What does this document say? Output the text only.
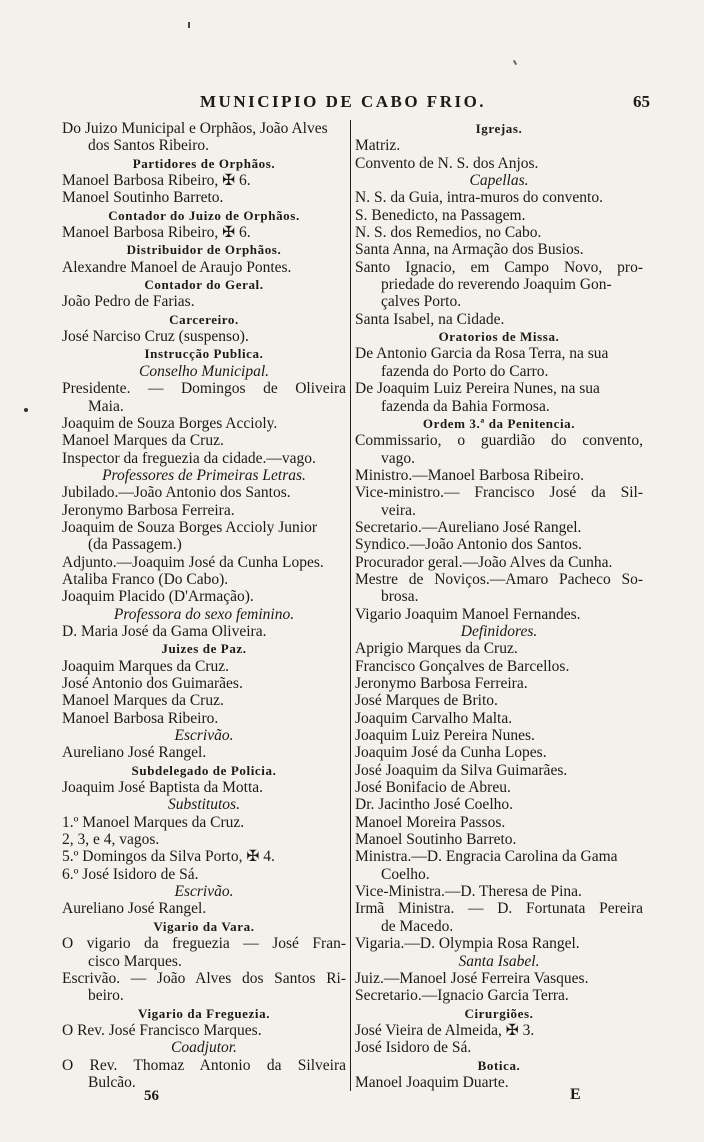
MUNICIPIO DE CABO FRIO.	65
Do Juizo Municipal e Orphãos, João Alves
dos Santos Ribeiro.
Partidores de Orphãos.
Manoel Barbosa Ribeiro, ✠ 6.
Manoel Soutinho Barreto.
Contador do Juizo de Orphãos.
Manoel Barbosa Ribeiro, ✠ 6.
Distribuidor de Orphãos.
Alexandre Manoel de Araujo Pontes.
Contador do Geral.
João Pedro de Farias.
Carcereiro.
José Narciso Cruz (suspenso).
Instrucção Publica.
Conselho Municipal.
Presidente. — Domingos de Oliveira
Maia.
Joaquim de Souza Borges Accioly.
Manoel Marques da Cruz.
Inspector da freguezia da cidade.—vago.
Professores de Primeiras Letras.
Jubilado.—João Antonio dos Santos.
Jeronymo Barbosa Ferreira.
Joaquim de Souza Borges Accioly Junior
(da Passagem.)
Adjunto.—Joaquim José da Cunha Lopes.
Ataliba Franco (Do Cabo).
Joaquim Placido (D'Armação).
Professora do sexo feminino.
D. Maria José da Gama Oliveira.
Juizes de Paz.
Joaquim Marques da Cruz.
José Antonio dos Guimarães.
Manoel Marques da Cruz.
Manoel Barbosa Ribeiro.
Escrivão.
Aureliano José Rangel.
Subdelegado de Policia.
Joaquim José Baptista da Motta.
Substitutos.
1.º Manoel Marques da Cruz.
2, 3, e 4, vagos.
5.º Domingos da Silva Porto, ✠ 4.
6.º José Isidoro de Sá.
Escrivão.
Aureliano José Rangel.
Vigario da Vara.
O vigario da freguezia — José Fran-
cisco Marques.
Escrivão. — João Alves dos Santos Ri-
beiro.
Vigario da Freguezia.
O Rev. José Francisco Marques.
Coadjutor.
O Rev. Thomaz Antonio da Silveira
Bulcão.
Igrejas.
Matriz.
Convento de N. S. dos Anjos.
Capellas.
N. S. da Guia, intra-muros do convento.
S. Benedicto, na Passagem.
N. S. dos Remedios, no Cabo.
Santa Anna, na Armação dos Busios.
Santo Ignacio, em Campo Novo, pro-
priedade do reverendo Joaquim Gon-
çalves Porto.
Santa Isabel, na Cidade.
Oratorios de Missa.
De Antonio Garcia da Rosa Terra, na sua
fazenda do Porto do Carro.
De Joaquim Luiz Pereira Nunes, na sua
fazenda da Bahia Formosa.
Ordem 3.ª da Penitencia.
Commissario, o guardião do convento,
vago.
Ministro.—Manoel Barbosa Ribeiro.
Vice-ministro.— Francisco José da Sil-
veira.
Secretario.—Aureliano José Rangel.
Syndico.—João Antonio dos Santos.
Procurador geral.—João Alves da Cunha.
Mestre de Noviços.—Amaro Pacheco So-
brosa.
Vigario Joaquim Manoel Fernandes.
Definidores.
Aprigio Marques da Cruz.
Francisco Gonçalves de Barcellos.
Jeronymo Barbosa Ferreira.
José Marques de Brito.
Joaquim Carvalho Malta.
Joaquim Luiz Pereira Nunes.
Joaquim José da Cunha Lopes.
José Joaquim da Silva Guimarães.
José Bonifacio de Abreu.
Dr. Jacintho José Coelho.
Manoel Moreira Passos.
Manoel Soutinho Barreto.
Ministra.—D. Engracia Carolina da Gama
Coelho.
Vice-Ministra.—D. Theresa de Pina.
Irmã Ministra. — D. Fortunata Pereira
de Macedo.
Vigaria.—D. Olympia Rosa Rangel.
Santa Isabel.
Juiz.—Manoel José Ferreira Vasques.
Secretario.—Ignacio Garcia Terra.
Cirurgiões.
José Vieira de Almeida, ✠ 3.
José Isidoro de Sá.
Botica.
Manoel Joaquim Duarte.
56	E
